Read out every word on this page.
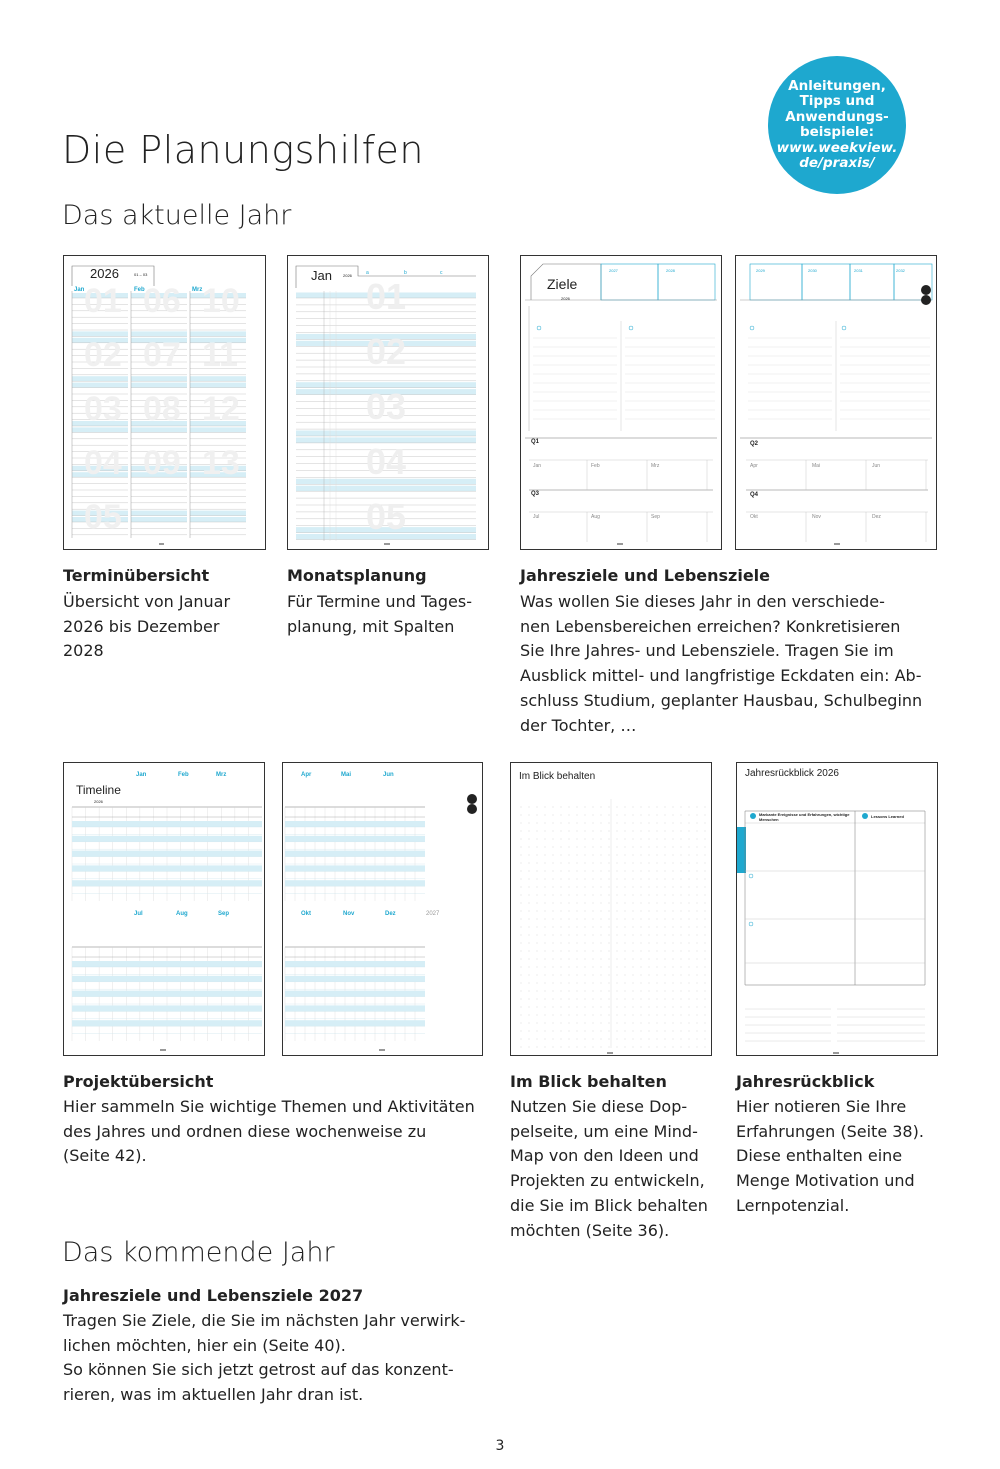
Die Planungshilfen
Anleitungen,
Tipps und
Anwendungs-
beispiele:
www.weekview.
de/praxis/
Das aktuelle Jahr
2026	01 – 03
Jan	Feb	Mrz
01
02
03
04
05
06
07
08
09
10
11
12
13
Jan	2026	a	b	c
01
02
03
04
05
Ziele
2026
2027	2028
Q1
Q3
Jan	Feb	Mrz
Jul	Aug	Sep
2029	2030	2031	2032
Q2
Q4
Apr	Mai	Jun
Okt	Nov	Dez
Terminübersicht
Übersicht von Januar
2026 bis Dezember
2028
Monatsplanung
Für Termine und Tages-
planung, mit Spalten
Jahresziele und Lebensziele
Was wollen Sie dieses Jahr in den verschiede-
nen Lebensbereichen erreichen? Konkretisieren
Sie Ihre Jahres- und Lebensziele. Tragen Sie im
Ausblick mittel- und langfristige Eckdaten ein: Ab-
schluss Studium, geplanter Hausbau, Schulbeginn
der Tochter, …
Timeline
2026
Jan	Feb	Mrz
Jul	Aug	Sep
Apr	Mai	Jun
Okt	Nov	Dez	2027
Im Blick behalten	Jahresrückblick 2026
Markante Ereignisse und Erfahrungen, wichtige Menschen
Lessons Learned
Projektübersicht
Hier sammeln Sie wichtige Themen und Aktivitäten
des Jahres und ordnen diese wochenweise zu
(Seite 42).
Im Blick behalten
Nutzen Sie diese Dop-
pelseite, um eine Mind-
Map von den Ideen und
Projekten zu entwickeln,
die Sie im Blick behalten
möchten (Seite 36).
Jahresrückblick
Hier notieren Sie Ihre
Erfahrungen (Seite 38).
Diese enthalten eine
Menge Motivation und
Lernpotenzial.
Das kommende Jahr
Jahresziele und Lebensziele 2027
Tragen Sie Ziele, die Sie im nächsten Jahr verwirk-
lichen möchten, hier ein (Seite 40).
So können Sie sich jetzt getrost auf das konzent-
rieren, was im aktuellen Jahr dran ist.
3
